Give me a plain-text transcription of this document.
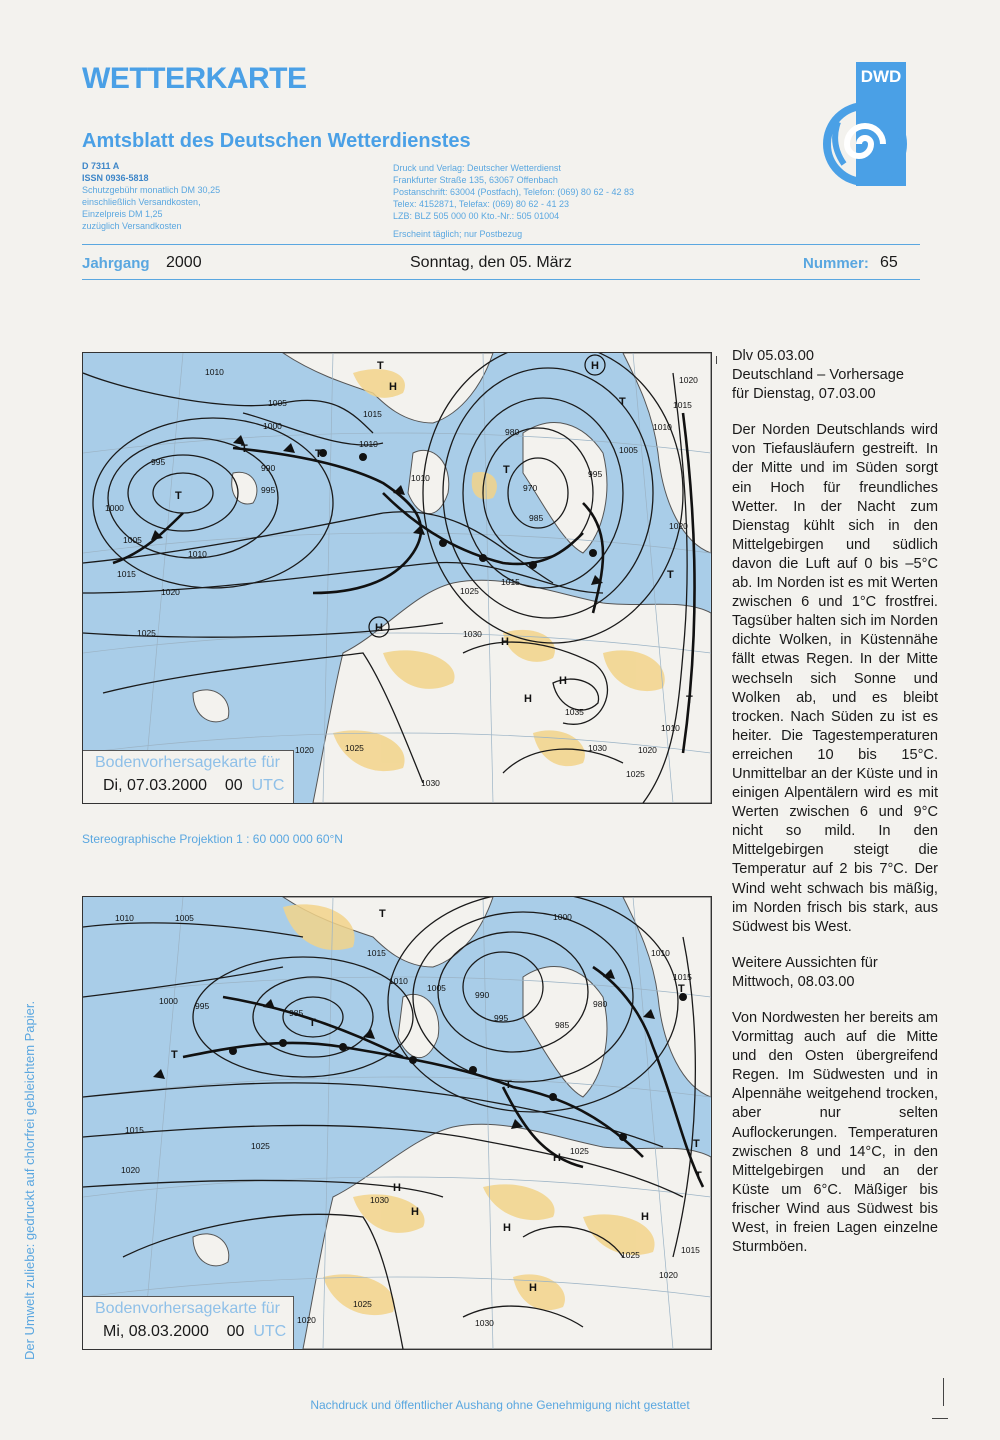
WETTERKARTE
Amtsblatt des Deutschen Wetterdienstes
D 7311 A
ISSN 0936-5818
Schutzgebühr monatlich DM 30,25
einschließlich Versandkosten,
Einzelpreis DM 1,25
zuzüglich Versandkosten
Druck und Verlag: Deutscher Wetterdienst
Frankfurter Straße 135, 63067 Offenbach
Postanschrift: 63004 (Postfach), Telefon: (069) 80 62 - 42 83
Telex: 4152871, Telefax: (069) 80 62 - 41 23
LZB: BLZ 505 000 00 Kto.-Nr.: 505 01004
Erscheint täglich; nur Postbezug
DWD
Jahrgang 2000	Sonntag, den 05. März	Nummer: 65
1010
1005
1000
995
990
995
1000
1005
1010
1015
1020
1025
1015
1010
1010
980
970
985
995
1005
1015
1020
1010
1020
1025
1030
1035
1030	1020
1025
1030
1020
1025
1010
1015
T
T	T
T
T
T
H
H
H
H
H
H	T
T
Bodenvorhersagekarte für
Di, 07.03.2000 00 UTC
Stereographische Projektion 1 : 60 000 000 60°N
1010	1005
1000 995
985
1015
1010
1005
1000
990
995
980
985
1010
1015
1015
1025
1020
1025
1030
1025
1020
1015
1020
1025
1030
T
T
T
T
T
T
T
H
H
H
H
H
H
Bodenvorhersagekarte für
Mi, 08.03.2000 00 UTC
Dlv 05.03.00
Deutschland – Vorhersage
für Dienstag, 07.03.00

Der Norden Deutschlands wird von Tiefausläufern gestreift. In der Mitte und im Süden sorgt ein Hoch für freundliches Wetter. In der Nacht zum Dienstag kühlt sich in den Mittelgebirgen und südlich davon die Luft auf 0 bis –5°C ab. Im Norden ist es mit Werten zwischen 6 und 1°C frostfrei. Tagsüber halten sich im Norden dichte Wolken, in Küstennähe fällt etwas Regen. In der Mitte wechseln sich Sonne und Wolken ab, und es bleibt trocken. Nach Süden zu ist es heiter. Die Tagestemperaturen erreichen 10 bis 15°C. Unmittelbar an der Küste und in einigen Alpentälern wird es mit Werten zwischen 6 und 9°C nicht so mild. In den Mittelgebirgen steigt die Temperatur auf 2 bis 7°C. Der Wind weht schwach bis mäßig, im Norden frisch bis stark, aus Südwest bis West.

Weitere Aussichten für
Mittwoch, 08.03.00

Von Nordwesten her bereits am Vormittag auch auf die Mitte und den Osten übergreifend Regen. Im Südwesten und in Alpennähe weitgehend trocken, aber nur selten Auflockerungen. Temperaturen zwischen 8 und 14°C, in den Mittelgebirgen und an der Küste um 6°C. Mäßiger bis frischer Wind aus Südwest bis West, in freien Lagen einzelne Sturmböen.

Der Umwelt zuliebe: gedruckt auf chlorfrei gebleichtem Papier.
Nachdruck und öffentlicher Aushang ohne Genehmigung nicht gestattet
